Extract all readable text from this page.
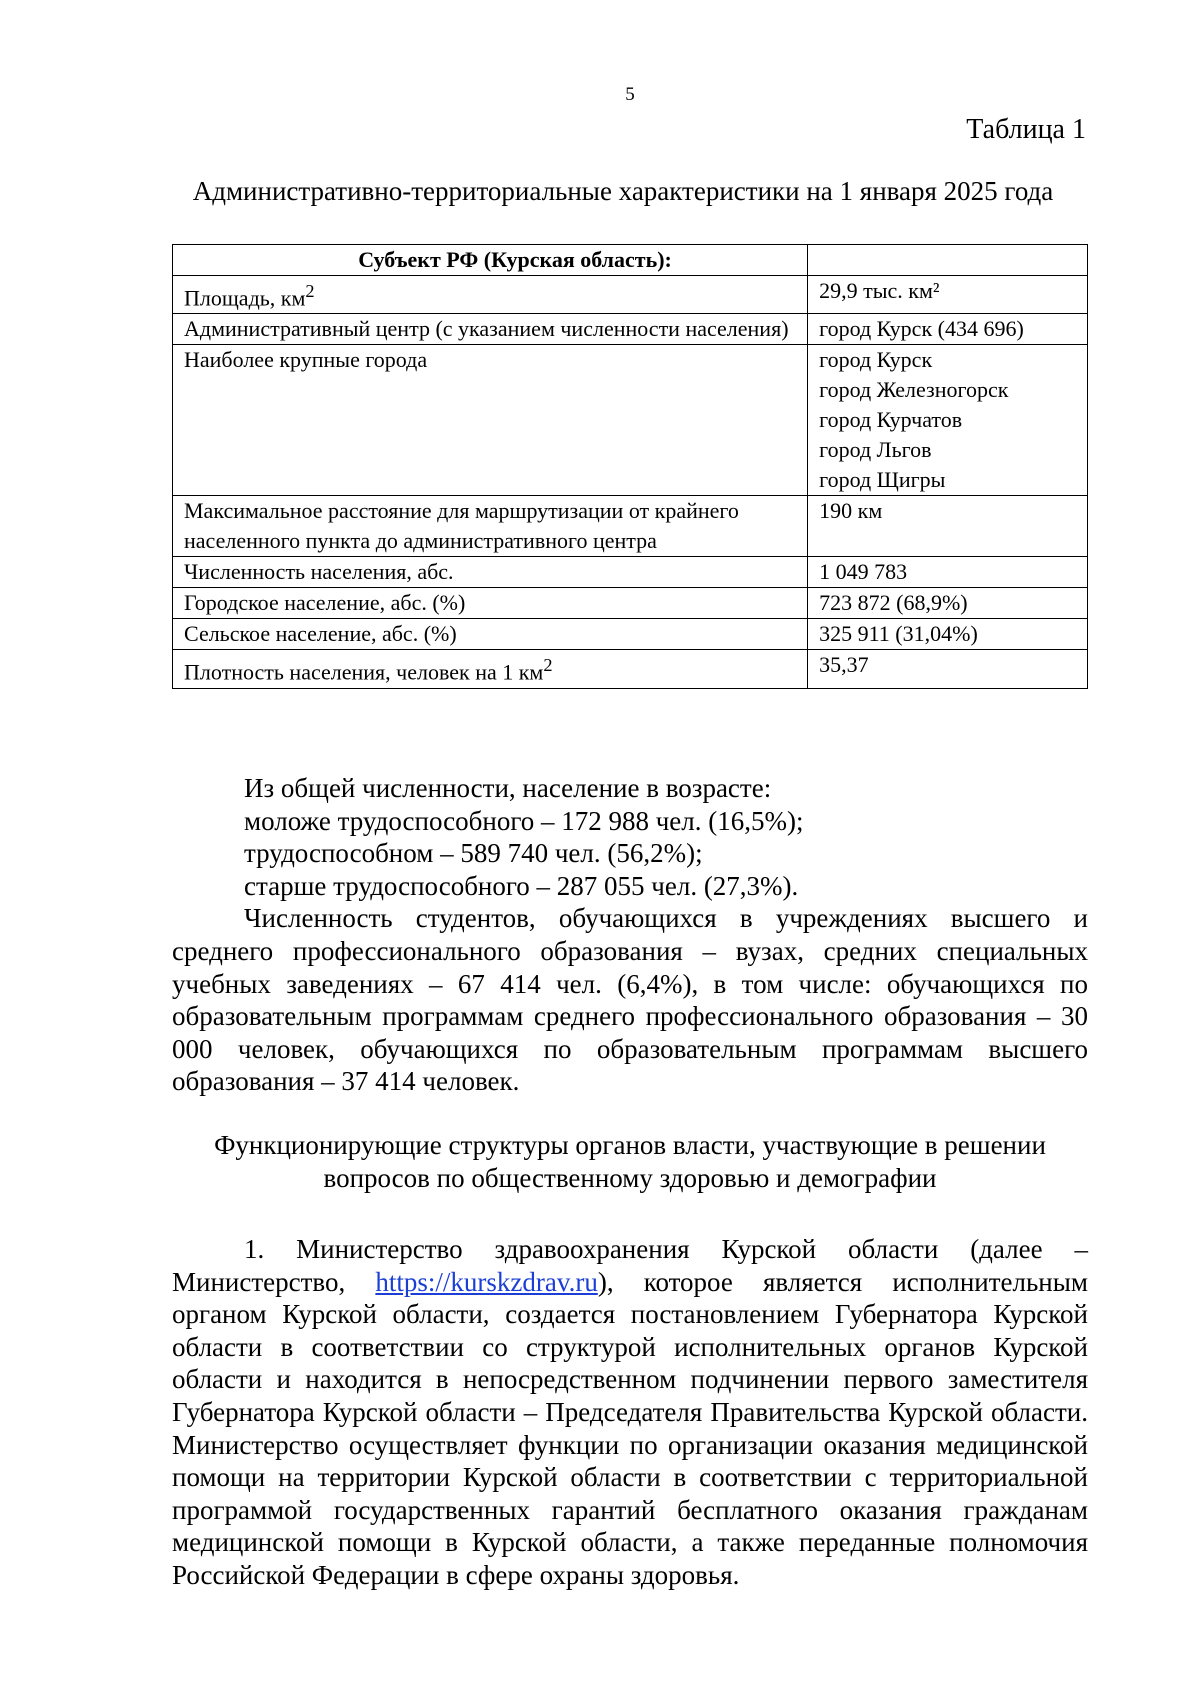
5
Таблица 1
Административно-территориальные характеристики на 1 января 2025 года
Субъект РФ (Курская область):	
Площадь, $км^2$	29,9 тыс. км²
Административный центр (с указанием численности населения)	город Курск (434 696)
Наиболее крупные города	город Курск
город Железногорск
город Курчатов
город Льгов
город Щигры

Максимальное расстояние для маршрутизации от крайнего населенного пункта до административного центра	190 км
Численность населения, абс.	1 049 783
Городское население, абс. (%)	723 872 (68,9%)
Сельское население, абс. (%)	325 911 (31,04%)
Плотность населения, человек на 1 $км^2$	35,37

Из общей численности, население в возрасте:

моложе трудоспособного – 172 988 чел. (16,5%);

трудоспособном – 589 740 чел. (56,2%);

старше трудоспособного – 287 055 чел. (27,3%).

Численность студентов, обучающихся в учреждениях высшего и среднего профессионального образования – вузах, средних специальных учебных заведениях – 67 414 чел. (6,4%), в том числе: обучающихся по образовательным программам среднего профессионального образования – 30 000 человек, обучающихся по образовательным программам высшего образования – 37 414 человек.

Функционирующие структуры органов власти, участвующие в решении

вопросов по общественному здоровью и демографии

1. Министерство здравоохранения Курской области (далее – Министерство, https://kurskzdrav.ru), которое является исполнительным органом Курской области, создается постановлением Губернатора Курской области в соответствии со структурой исполнительных органов Курской области и находится в непосредственном подчинении первого заместителя Губернатора Курской области – Председателя Правительства Курской области. Министерство осуществляет функции по организации оказания медицинской помощи на территории Курской области в соответствии с территориальной программой государственных гарантий бесплатного оказания гражданам медицинской помощи в Курской области, а также переданные полномочия Российской Федерации в сфере охраны здоровья.
